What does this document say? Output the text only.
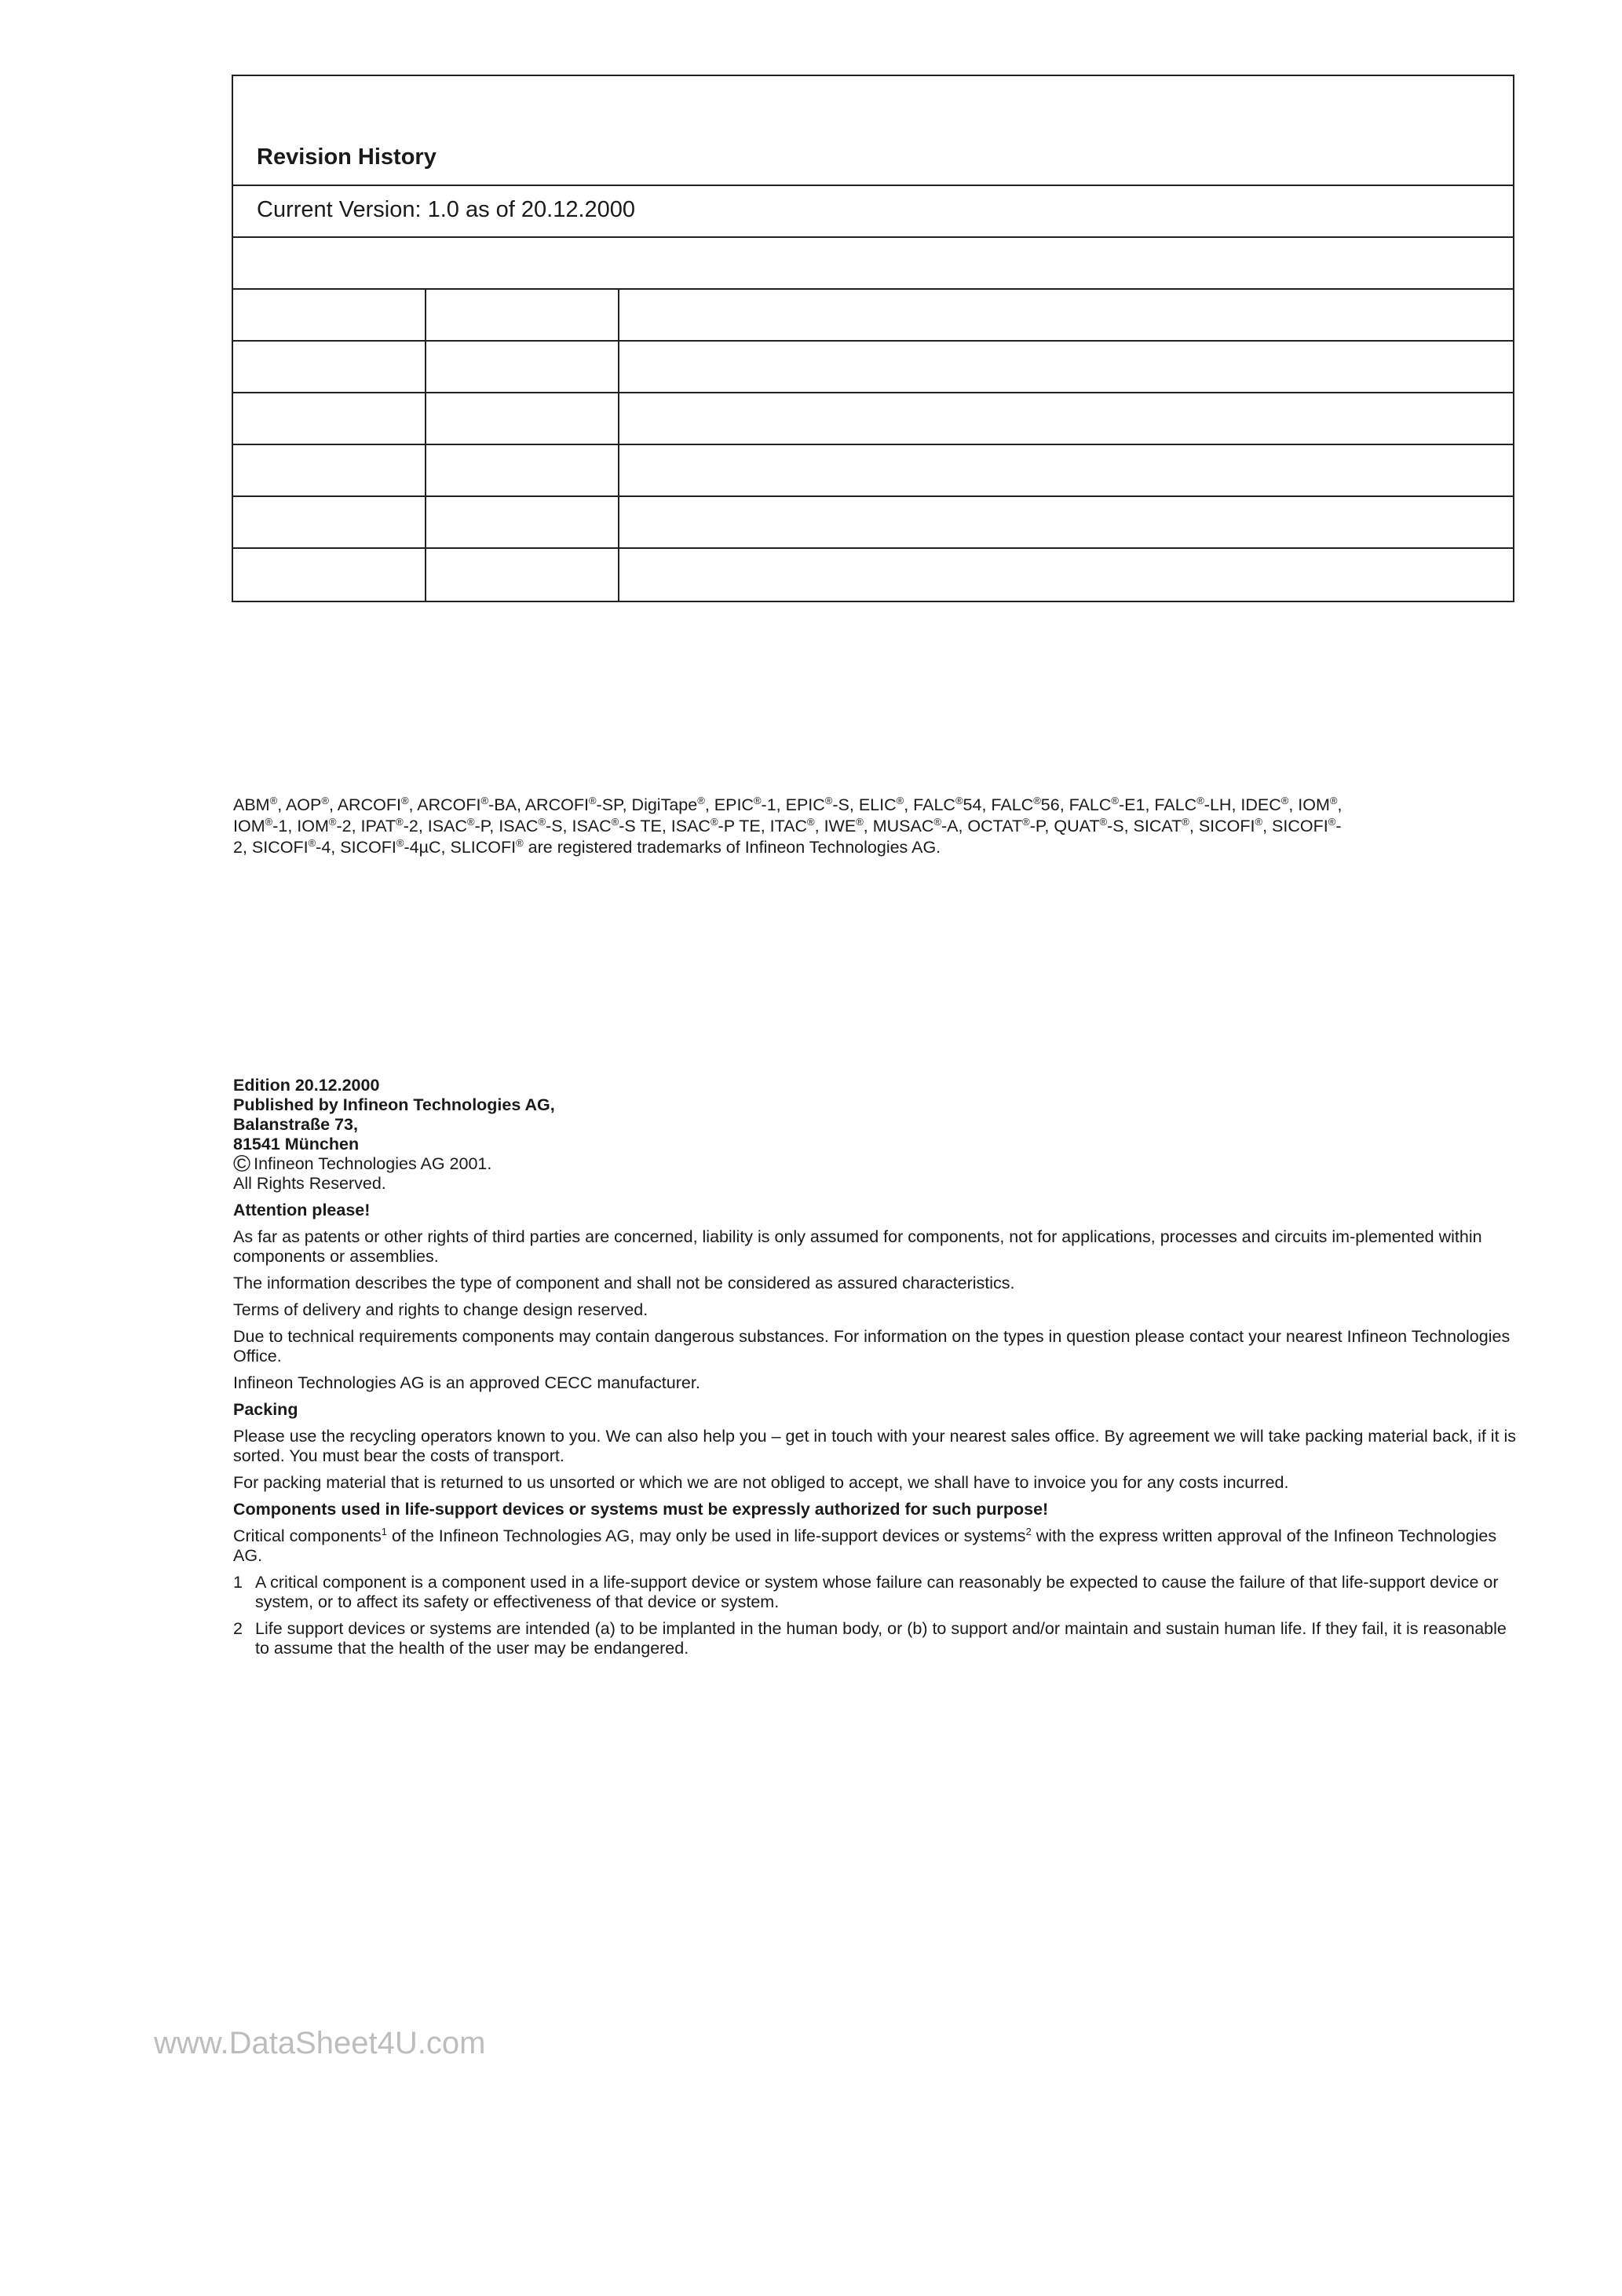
Revision History
Current Version: 1.0 as of 20.12.2000
ABM®, AOP®, ARCOFI®, ARCOFI®-BA, ARCOFI®-SP, DigiTape®, EPIC®-1, EPIC®-S, ELIC®, FALC®54, FALC®56, FALC®-E1, FALC®-LH, IDEC®, IOM®,
IOM®-1, IOM®-2, IPAT®-2, ISAC®-P, ISAC®-S, ISAC®-S TE, ISAC®-P TE, ITAC®, IWE®, MUSAC®-A, OCTAT®-P, QUAT®-S, SICAT®, SICOFI®, SICOFI®-
2, SICOFI®-4, SICOFI®-4µC, SLICOFI® are registered trademarks of Infineon Technologies AG.

Edition 20.12.2000

Published by Infineon Technologies AG,

Balanstraße 73,

81541 München

© Infineon Technologies AG 2001.

All Rights Reserved.

Attention please!

As far as patents or other rights of third parties are concerned, liability is only assumed for components, not for applications, processes and circuits im-plemented within components or assemblies.

The information describes the type of component and shall not be considered as assured characteristics.

Terms of delivery and rights to change design reserved.

Due to technical requirements components may contain dangerous substances. For information on the types in question please contact your nearest Infineon Technologies Office.

Infineon Technologies AG is an approved CECC manufacturer.

Packing

Please use the recycling operators known to you. We can also help you – get in touch with your nearest sales office. By agreement we will take packing material back, if it is sorted. You must bear the costs of transport.

For packing material that is returned to us unsorted or which we are not obliged to accept, we shall have to invoice you for any costs incurred.

Components used in life-support devices or systems must be expressly authorized for such purpose!

Critical components$^1$ of the Infineon Technologies AG, may only be used in life-support devices or systems$^2$ with the express written approval of the Infineon Technologies AG.

1 A critical component is a component used in a life-support device or system whose failure can reasonably be expected to cause the failure of that life-support device or system, or to affect its safety or effectiveness of that device or system.
2 Life support devices or systems are intended (a) to be implanted in the human body, or (b) to support and/or maintain and sustain human life. If they fail, it is reasonable to assume that the health of the user may be endangered.
www.DataSheet4U.com
